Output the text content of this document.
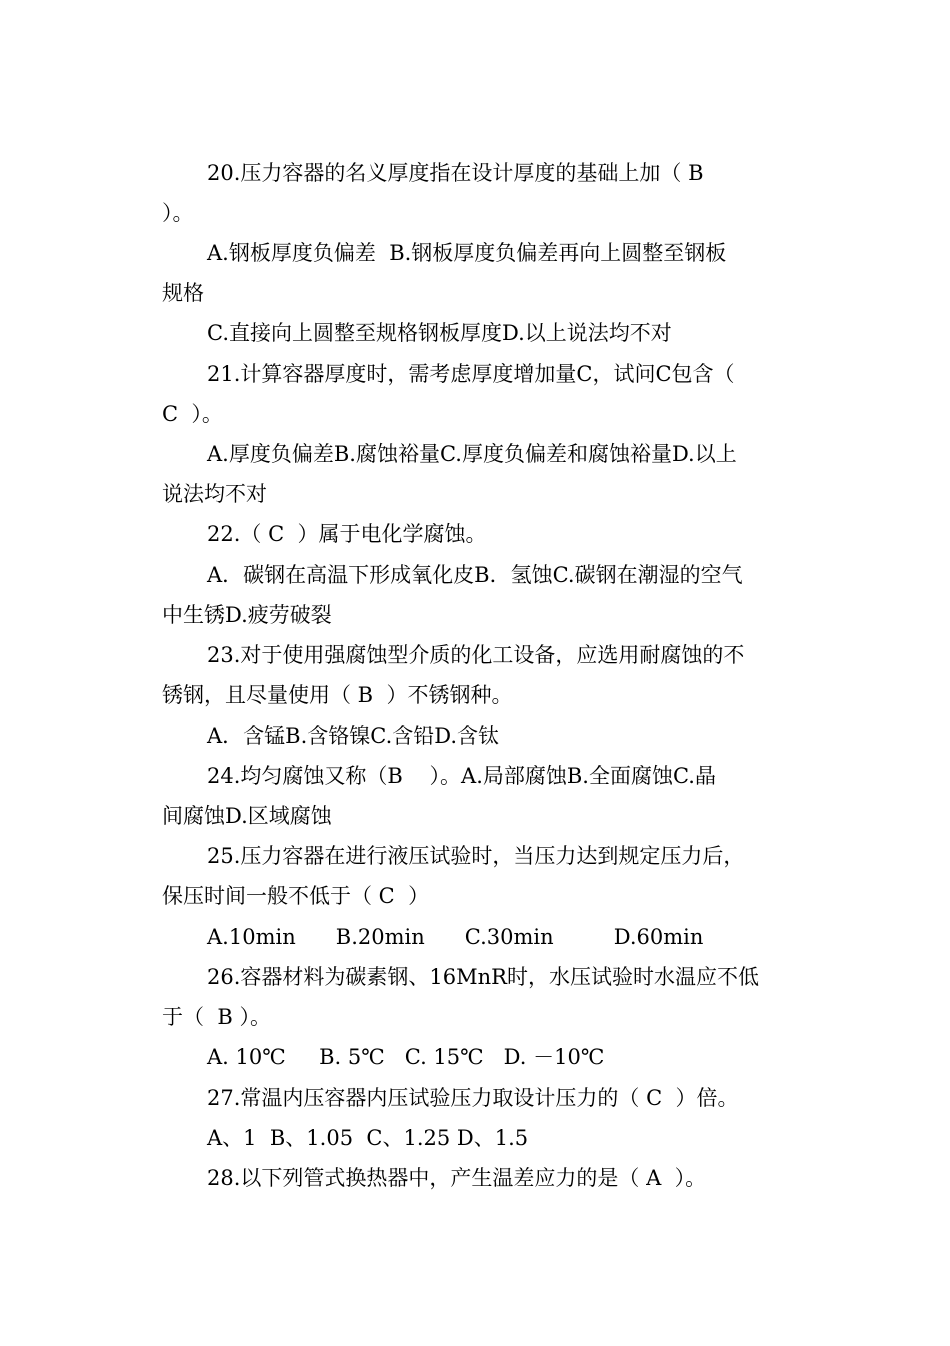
20.压力容器的名义厚度指在设计厚度的基础上加（ B
）。
A.钢板厚度负偏差  B.钢板厚度负偏差再向上圆整至钢板
规格
C.直接向上圆整至规格钢板厚度D.以上说法均不对
21.计算容器厚度时，需考虑厚度增加量C，试问C包含（
C  ）。
A.厚度负偏差B.腐蚀裕量C.厚度负偏差和腐蚀裕量D.以上
说法均不对
22.（ C  ）属于电化学腐蚀。
A．碳钢在高温下形成氧化皮B．氢蚀C.碳钢在潮湿的空气
中生锈D.疲劳破裂
23.对于使用强腐蚀型介质的化工设备，应选用耐腐蚀的不
锈钢，且尽量使用（ B  ）不锈钢种。
A．含锰B.含铬镍C.含铅D.含钛
24.均匀腐蚀又称（B    ）。A.局部腐蚀B.全面腐蚀C.晶
间腐蚀D.区域腐蚀
25.压力容器在进行液压试验时，当压力达到规定压力后，
保压时间一般不低于（ C  ）
A.10min      B.20min      C.30min         D.60min
26.容器材料为碳素钢、16MnR时，水压试验时水温应不低
于（  B ）。
A. 10℃     B. 5℃   C. 15℃   D. －10℃
27.常温内压容器内压试验压力取设计压力的（ C  ）倍。
A、1  B、1.05  C、1.25 D、1.5
28.以下列管式换热器中，产生温差应力的是（ A  ）。
